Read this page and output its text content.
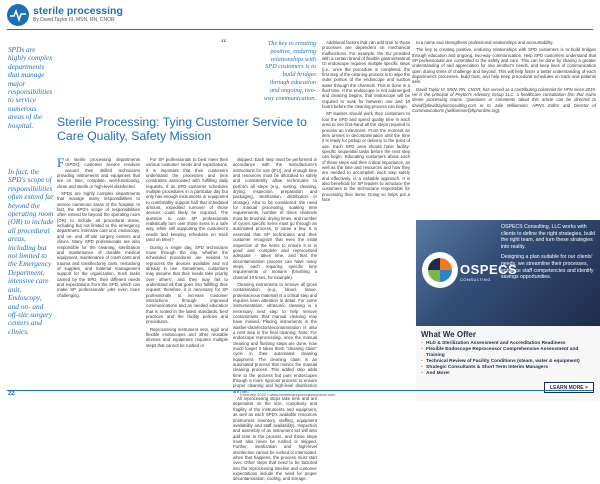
sterile processing
By David Taylor III, MSN, RN, CNOR
SPDs are highly complex departments that manage major responsibilities to service numerous areas of the hospital.
In fact, the SPD's scope of responsibilities often extend far beyond the operating room (OR) to include all procedural areas, including but not limited to the Emergency Department, intensive care unit, Endoscopy, and on- and off-site surgery centers and clinics.
Sterile Processing: Tying Customer Service to Care Quality, Safety Mission

For sterile processing departments (SPDs), customer service revolves around their skilled technicians providing instruments and equipment that are on time, complete, well-functioning, clean and sterile or high-level disinfected.

SPDs are highly complex departments that manage many responsibilities to service numerous areas of the hospital. In fact, the SPD's scope of responsibilities often extend far beyond the operating room (OR) to include all procedural areas, including but not limited to the emergency department, intensive care unit, endoscopy, and on- and off-site surgery centers and clinics. Many SPD professionals are also responsible for the cleaning, sterilization and maintenance of durable medical equipment, maintenance of crash carts and trauma and tonsillectomy carts, restocking of supplies, and material management support for the organization. Such tasks carried by the SPD, their different needs and expectations from the SPD, which can make SP professionals' jobs even more challenging.

For SP professionals to best meet their various customer needs and expectations, it is important that their customers understand the processes and time constraints associated with fulfilling daily requests. If an SPD customer schedules multiple procedures in a particular day but only has enough instruments or equipment to comfortably support half that scheduled amount, expedited turnover of those devices could likely be required. The question to care SP professionals realistically turn over those items in a safe way, while still supporting the customer's needs and keeping schedules on track (and on time)?

During a single day, SPD technicians move through the day, whether the scheduled procedures are needed to reprocess the devices available and not already in use. Sometimes, customers may assume that their needs take priority over others', and they may fail to understand all that goes into fulfilling their request; therefore, it is necessary for SP professionals to increase customer interactions through improved communications and as needed education that is rooted in the latest standards, best practices and the facility policies and procedures.

Reprocessing instrument sets, rigid and flexible endoscopes and other reusable devices and equipment requires multiple steps that cannot be rushed or

skipped. Each step must be performed in accordance with the manufacturer's instructions for use (IFU), and enough time and resources must be allocated to safely and consistently allow technicians to perform all steps (e.g., sorting, cleaning, drying, inspection, preparation and packaging, sterilization, distribution or storage). Also to be considered: the need for manual processing, soaking time requirements, number of times channels must be brushed, drying times, and number of cycles specific items must go through an automated process, to name a few. It is essential that SP technicians and their customer recognize that even the initial inspection of the items to ensure it is in good and complete and reprocessed adequate - takes time, and that the decontamination process can have many steps, each requiring specific time requirements or motions (brushing a channel 10 times, for example).

Cleaning instruments to remove all gross contamination (e.g., blood, tissue, proteinaceous material) is a critical step and requires keen attention to detail. For some instrumentation, ultrasonic cleaning is a necessary next step to help remove contaminants that manual cleaning may have missed. Placing instruments in the washer-disinfector/decontamination is also a next step in the final cleaning. Note: For endoscope reprocessing, once the manual cleaning and flushing steps are done, how much longer it takes them "cleaning claim" cycle in their automated cleaning equipment. The cleaning claim is an automated process that mimics the manual cleaning process. This added step adds time to the process but puts endoscopes through a more rigorous process to ensure proper cleaning and high-level disinfection are met.

All reprocessing steps take time and are dependent on the size, complexity and fragility of the instruments and equipment, as well as each SPD's available resources (instrument inventory, staffing, equipment availability and staff availability). Inspection and assembly of an instrument set will also add time to the process, and these steps must also never be rushed or skipped. Further, sterilization and high-level disinfection cannot be rushed or interrupted, when that happens, the process must start over. Other steps that need to be factored into the reprocessing timeline and customer expectations include the need for proper decontamination, cooling, and storage.

“	The key to creating positive, enduring relationships with SPD customers is to build bridges through education and ongoing, two-way communication.

Additional factors that can add time to these processes are dependent on mechanical malfunctions. For example, the SU provided with a certain brand of flexible gastrointestinal GI endoscope requires multiple specific steps (i.e., once the procedure is completed, the first step of the cleaning process is to wipe the outer portion of the endoscope and suction water through the channels. This is done in a fluid time. If the endoscope is not submerged and cleaning begins, that endoscope will be required to soak for between one and 10 hours before the cleaning process can begin.

SP leaders should work their customers to tour the SPD and spend quality time in each area to see first-hand all the steps required to process an instrument. From the moment an item arrives in decontamination until the time it is ready for pickup or delivery to the point of use. Each SPD area should have facility-specific sequential tasks before the next step can begin. Educating customers about each of these steps and their critical importance, as well as the time and resources and how they are needed to accomplish each step safely and effectively, is a valuable approach. It is also beneficial for SP leaders to introduce the customers to the technicians responsible for processing their items. Doing so helps put a face

to a name and strengthens professional relationships and accountability.

The key to creating positive, enduring relationships with SPD customers is to build bridges through education and ongoing, two-way communication. Help SPD customers understand that SP professionals are committed to the safety and care. This can be done by sharing a greater understanding of and appreciation for one another's needs, and keep lines of communication open during times of challenge and beyond. This will help foster a better understanding of each department's processes, build trust, and help keep procedural schedules on track and patients safe.

David Taylor III, MSN, RN, CNOR, has served as a contributing columnist for HPN since 2019. He is the principal of Peyton's Advisory Group LLC, a healthcare consultation firm that trains sterile processing teams. Questions or comments about this article can be directed to david@davidtaylorconsulting.com or to Julie Williamson, HPN's Editor and Director of Communications (jwilliamson@hpnonline.org).

OSPECS Consulting, LLC works with clients to define the right strategies, build the right team, and turn these strategies into reality.

Designing a plan suitable for our clients' needs, we streamline their processes, enhance staff competencies and identify savings opportunities.

OSPECS
CONSULTING
What We Offer
• HLD & Sterilization Assessment and Accreditation Readiness
• Flexible Endoscope Reprocessor Comprehensive Assessment and Training
• Technical Review of Facility Conditions (steam, water & equipment)
• Strategic Consultants & Short Term Interim Managers
• And More!
LEARN MORE >
22	February 2022 • www.healthcarepurchasingnews.com
